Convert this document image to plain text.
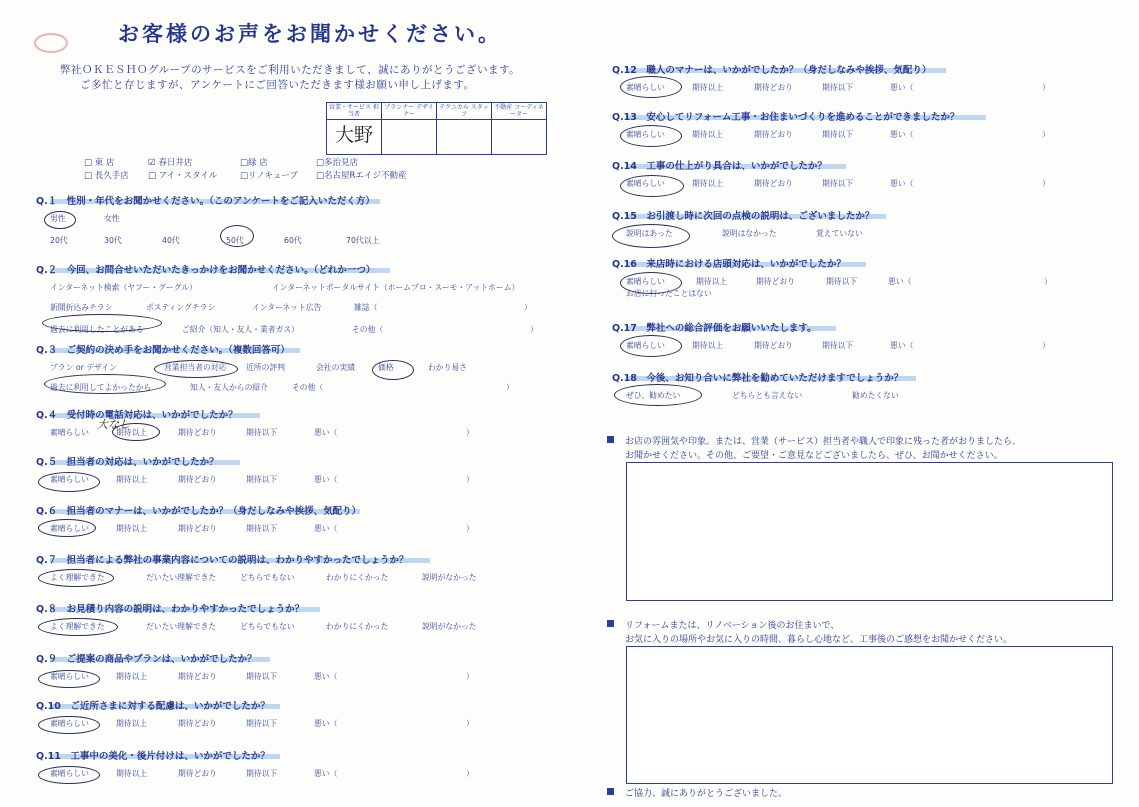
お客様のお声をお聞かせください。
弊社ＯＫＥＳＨＯグループのサービスをご利用いただきまして、誠にありがとうございます。
ご多忙と存じますが、アンケートにご回答いただきます様お願い申し上げます。
営業・サービス 担当者	プランナー デザイナー	テクニカル スタッフ	不動産 コーディネーター
大野			
□ 東 店	☑ 春日井店	□緑 店	□多治見店
□ 長久手店 □ アイ・スタイル	□リノキューブ □名古屋Rエイジ不動産
Q.１　性別・年代をお聞かせください。（このアンケートをご記入いただく方）
男性	女性
20代	30代	40代	50代	60代	70代以上
Q.２　今回、お問合せいただいたきっかけをお聞かせください。（どれか一つ）
インターネット検索（ヤフー・グーグル）	インターネットポータルサイト（ホームプロ・スーモ・アットホーム）
新聞折込みチラシ	ポスティングチラシ	インターネット広告	雑誌（	）
過去に利用したことがある	ご紹介（知人・友人・業者ガス）	その他（	）
Q.３　ご契約の決め手をお聞かせください。（複数回答可）
プラン or デザイン	営業担当者の対応	近所の評判	会社の実績	価格	わかり易さ
過去に利用してよかったから	知人・友人からの紹介	その他（	）
Q.４　受付時の電話対応は、いかがでしたか？
素晴らしい	期待以上	期待どおり	期待以下	悪い（	）
Q.５　担当者の対応は、いかがでしたか？
素晴らしい	期待以上	期待どおり	期待以下	悪い（	）
Q.６　担当者のマナーは、いかがでしたか？（身だしなみや挨拶、気配り）
素晴らしい	期待以上	期待どおり	期待以下	悪い（	）
Q.７　担当者による弊社の事業内容についての説明は、わかりやすかったでしょうか？
よく理解できた	だいたい理解できた	どちらでもない	わかりにくかった	説明がなかった
Q.８　お見積り内容の説明は、わかりやすかったでしょうか？
よく理解できた	だいたい理解できた	どちらでもない	わかりにくかった	説明がなかった
Q.９　ご提案の商品やプランは、いかがでしたか？
素晴らしい	期待以上	期待どおり	期待以下	悪い（	）
Q.10　ご近所さまに対する配慮は、いかがでしたか？
素晴らしい	期待以上	期待どおり	期待以下	悪い（	）
Q.11　工事中の美化・後片付けは、いかがでしたか？
素晴らしい	期待以上	期待どおり	期待以下	悪い（	）
Q.12　職人のマナーは、いかがでしたか？（身だしなみや挨拶、気配り）
素晴らしい	期待以上	期待どおり	期待以下	悪い（	）
Q.13　安心してリフォーム工事・お住まいづくりを進めることができましたか？
素晴らしい	期待以上	期待どおり	期待以下	悪い（	）
Q.14　工事の仕上がり具合は、いかがでしたか？
素晴らしい	期待以上	期待どおり	期待以下	悪い（	）
Q.15　お引渡し時に次回の点検の説明は、ございましたか？
説明はあった	説明はなかった	覚えていない
Q.16　来店時における店頭対応は、いかがでしたか？
素晴らしい	期待以上	期待どおり	期待以下	悪い（	）
お店に行ったことはない
Q.17　弊社への総合評価をお願いいたします。
素晴らしい	期待以上	期待どおり	期待以下	悪い（	）
Q.18　今後、お知り合いに弊社を勧めていただけますでしょうか？
ぜひ、勧めたい	どちらとも言えない	勧めたくない
大なし
お店の雰囲気や印象。または、営業（サービス）担当者や職人で印象に残った者がおりましたら、
お聞かせください。その他、ご要望・ご意見などございましたら、ぜひ、お聞かせください。
リフォームまたは、リノベーション後のお住まいで、
お気に入りの場所やお気に入りの時間、暮らし心地など、工事後のご感想をお聞かせください。
ご協力、誠にありがとうございました。
